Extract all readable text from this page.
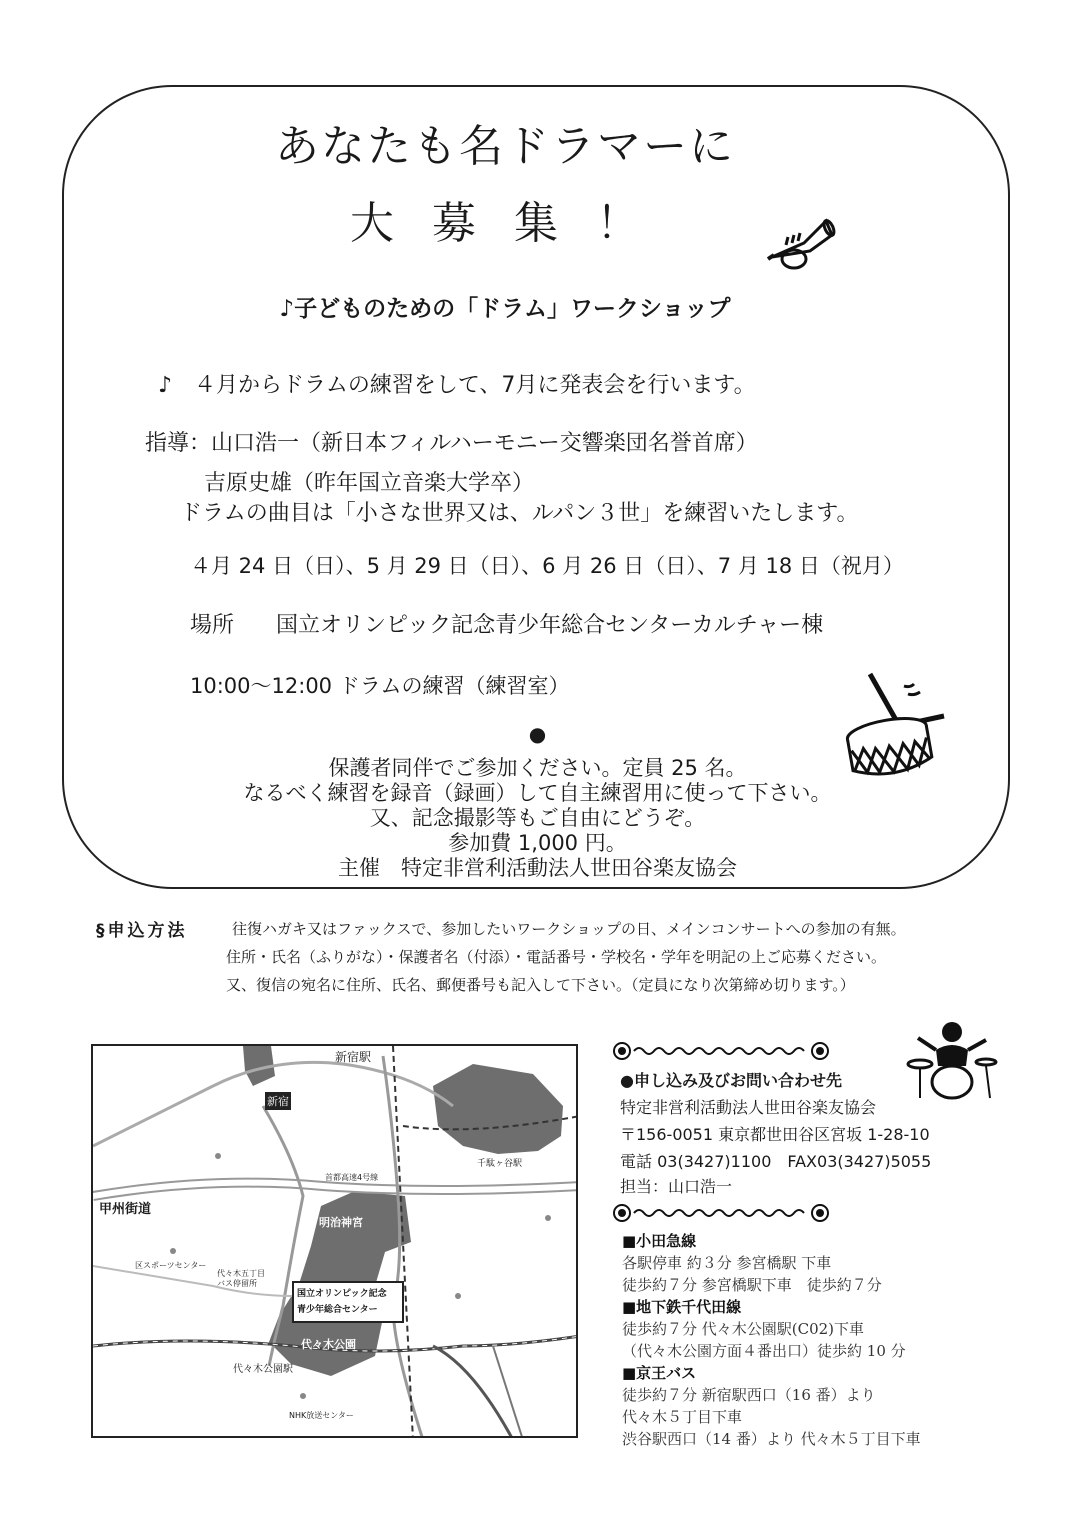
あなたも名ドラマーに
大募集！
♪子どものための「ドラム」ワークショップ
♪　４月からドラムの練習をして、7月に発表会を行います。
指導：山口浩一（新日本フィルハーモニー交響楽団名誉首席）
吉原史雄（昨年国立音楽大学卒）
ドラムの曲目は「小さな世界又は、ルパン３世」を練習いたします。
４月 24 日（日）、5 月 29 日（日）、6 月 26 日（日）、7 月 18 日（祝月）
場所 国立オリンピック記念青少年総合センターカルチャー棟
10:00〜12:00 ドラムの練習（練習室）
●
保護者同伴でご参加ください。定員 25 名。
なるべく練習を録音（録画）して自主練習用に使って下さい。
又、記念撮影等もご自由にどうぞ。
参加費 1,000 円。
主催　特定非営利活動法人世田谷楽友協会
§申込方法	往復ハガキ又はファックスで、参加したいワークショップの日、メインコンサートへの参加の有無。
住所・氏名（ふりがな）・保護者名（付添）・電話番号・学校名・学年を明記の上ご応募ください。
又、復信の宛名に住所、氏名、郵便番号も記入して下さい。（定員になり次第締め切ります。）
新宿駅
新宿
甲州街道
明治神宮
代々木公園
代々木公園駅
国立オリンピック記念
青少年総合センター
千駄ヶ谷駅
首都高速4号線
NHK放送センター
区スポーツセンター
代々木五丁目
バス停留所
●申し込み及びお問い合わせ先
特定非営利活動法人世田谷楽友協会
〒156-0051 東京都世田谷区宮坂 1-28-10
電話 03(3427)1100　FAX03(3427)5055
担当：山口浩一
■小田急線
各駅停車 約３分 参宮橋駅 下車
徒歩約７分 参宮橋駅下車　徒歩約７分
■地下鉄千代田線
徒歩約７分 代々木公園駅(C02)下車
（代々木公園方面４番出口）徒歩約 10 分
■京王バス
徒歩約７分 新宿駅西口（16 番）より
代々木５丁目下車
渋谷駅西口（14 番）より 代々木５丁目下車
